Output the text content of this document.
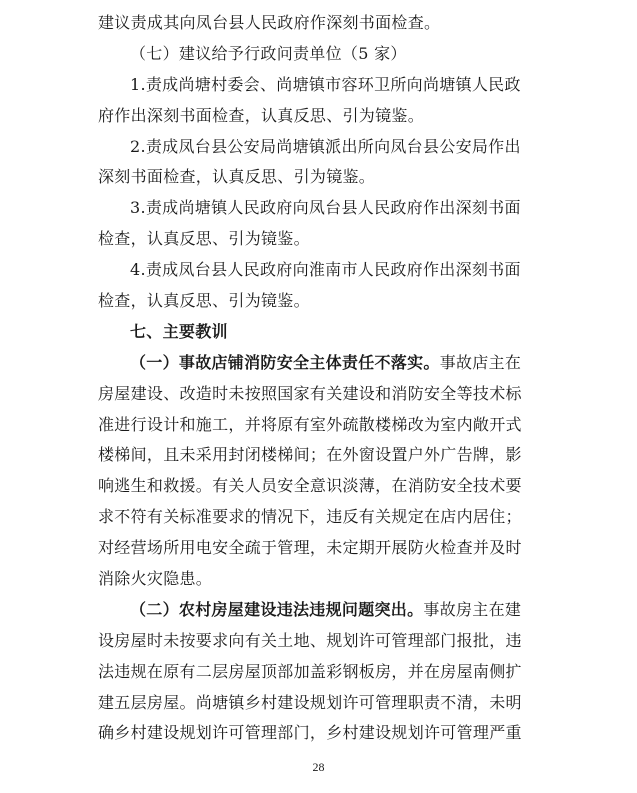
建议责成其向凤台县人民政府作深刻书面检查。
（七）建议给予行政问责单位（5 家）
1.责成尚塘村委会、尚塘镇市容环卫所向尚塘镇人民政
府作出深刻书面检查，认真反思、引为镜鉴。
2.责成凤台县公安局尚塘镇派出所向凤台县公安局作出
深刻书面检查，认真反思、引为镜鉴。
3.责成尚塘镇人民政府向凤台县人民政府作出深刻书面
检查，认真反思、引为镜鉴。
4.责成凤台县人民政府向淮南市人民政府作出深刻书面
检查，认真反思、引为镜鉴。
七、主要教训
（一）事故店铺消防安全主体责任不落实。事故店主在
房屋建设、改造时未按照国家有关建设和消防安全等技术标
准进行设计和施工，并将原有室外疏散楼梯改为室内敞开式
楼梯间，且未采用封闭楼梯间；在外窗设置户外广告牌，影
响逃生和救援。有关人员安全意识淡薄，在消防安全技术要
求不符有关标准要求的情况下，违反有关规定在店内居住；
对经营场所用电安全疏于管理，未定期开展防火检查并及时
消除火灾隐患。
（二）农村房屋建设违法违规问题突出。事故房主在建
设房屋时未按要求向有关土地、规划许可管理部门报批，违
法违规在原有二层房屋顶部加盖彩钢板房，并在房屋南侧扩
建五层房屋。尚塘镇乡村建设规划许可管理职责不清，未明
确乡村建设规划许可管理部门，乡村建设规划许可管理严重
28
